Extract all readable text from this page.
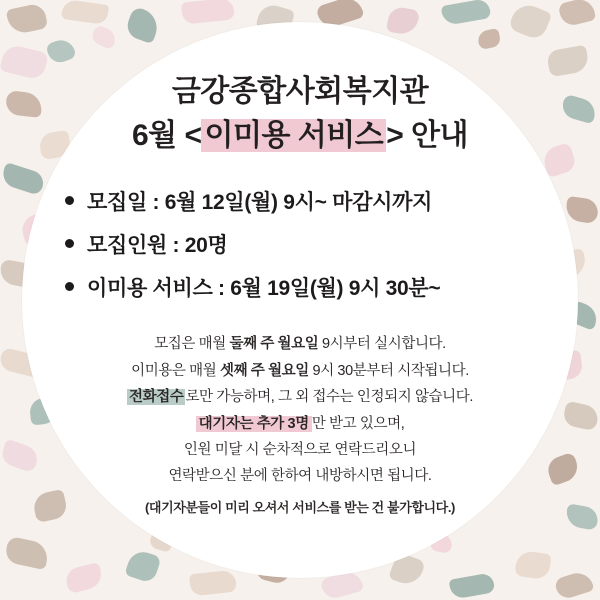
금강종합사회복지관
6월 < 이미용 서비스 > 안내
모집일 : 6월 12일(월) 9시~ 마감시까지
모집인원 : 20명
이미용 서비스 : 6월 19일(월) 9시 30분~
모집은 매월 둘째 주 월요일 9시부터 실시합니다.
이미용은 매월 셋째 주 월요일 9시 30분부터 시작됩니다.
전화접수 로만 가능하며, 그 외 접수는 인정되지 않습니다.
대기자는 추가 3명 만 받고 있으며,
인원 미달 시 순차적으로 연락드리오니
연락받으신 분에 한하여 내방하시면 됩니다.
(대기자분들이 미리 오셔서 서비스를 받는 건 불가합니다.)
